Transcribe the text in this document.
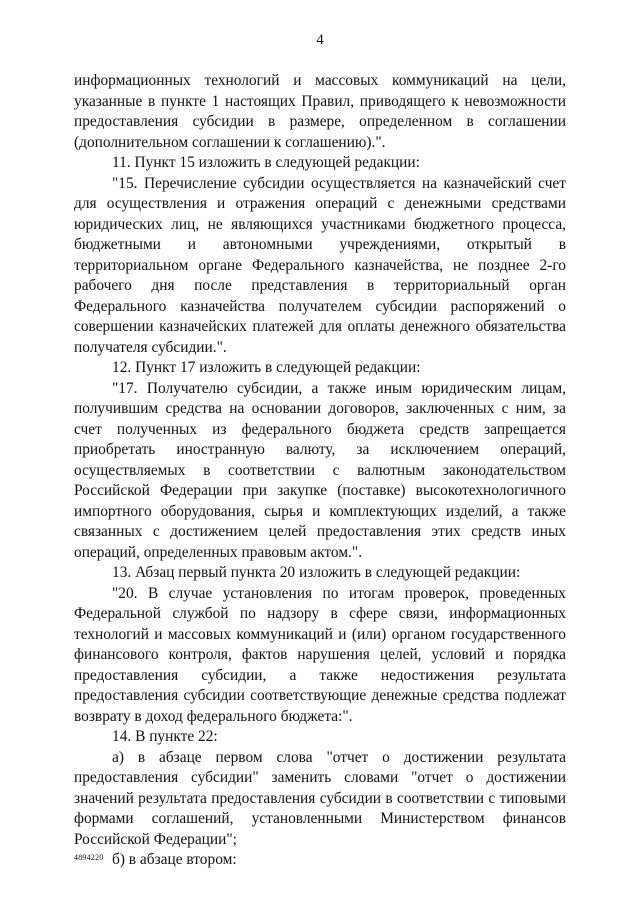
4

информационных технологий и массовых коммуникаций на цели, указанные в пункте 1 настоящих Правил, приводящего к невозможности предоставления субсидии в размере, определенном в соглашении (дополнительном соглашении к соглашению).".

11. Пункт 15 изложить в следующей редакции:

"15. Перечисление субсидии осуществляется на казначейский счет для осуществления и отражения операций с денежными средствами юридических лиц, не являющихся участниками бюджетного процесса, бюджетными и автономными учреждениями, открытый в территориальном органе Федерального казначейства, не позднее 2-го рабочего дня после представления в территориальный орган Федерального казначейства получателем субсидии распоряжений о совершении казначейских платежей для оплаты денежного обязательства получателя субсидии.".

12. Пункт 17 изложить в следующей редакции:

"17. Получателю субсидии, а также иным юридическим лицам, получившим средства на основании договоров, заключенных с ним, за счет полученных из федерального бюджета средств запрещается приобретать иностранную валюту, за исключением операций, осуществляемых в соответствии с валютным законодательством Российской Федерации при закупке (поставке) высокотехнологичного импортного оборудования, сырья и комплектующих изделий, а также связанных с достижением целей предоставления этих средств иных операций, определенных правовым актом.".

13. Абзац первый пункта 20 изложить в следующей редакции:

"20. В случае установления по итогам проверок, проведенных Федеральной службой по надзору в сфере связи, информационных технологий и массовых коммуникаций и (или) органом государственного финансового контроля, фактов нарушения целей, условий и порядка предоставления субсидии, а также недостижения результата предоставления субсидии соответствующие денежные средства подлежат возврату в доход федерального бюджета:".

14. В пункте 22:

а) в абзаце первом слова "отчет о достижении результата предоставления субсидии" заменить словами "отчет о достижении значений результата предоставления субсидии в соответствии с типовыми формами соглашений, установленными Министерством финансов Российской Федерации";

б) в абзаце втором:

4894220
